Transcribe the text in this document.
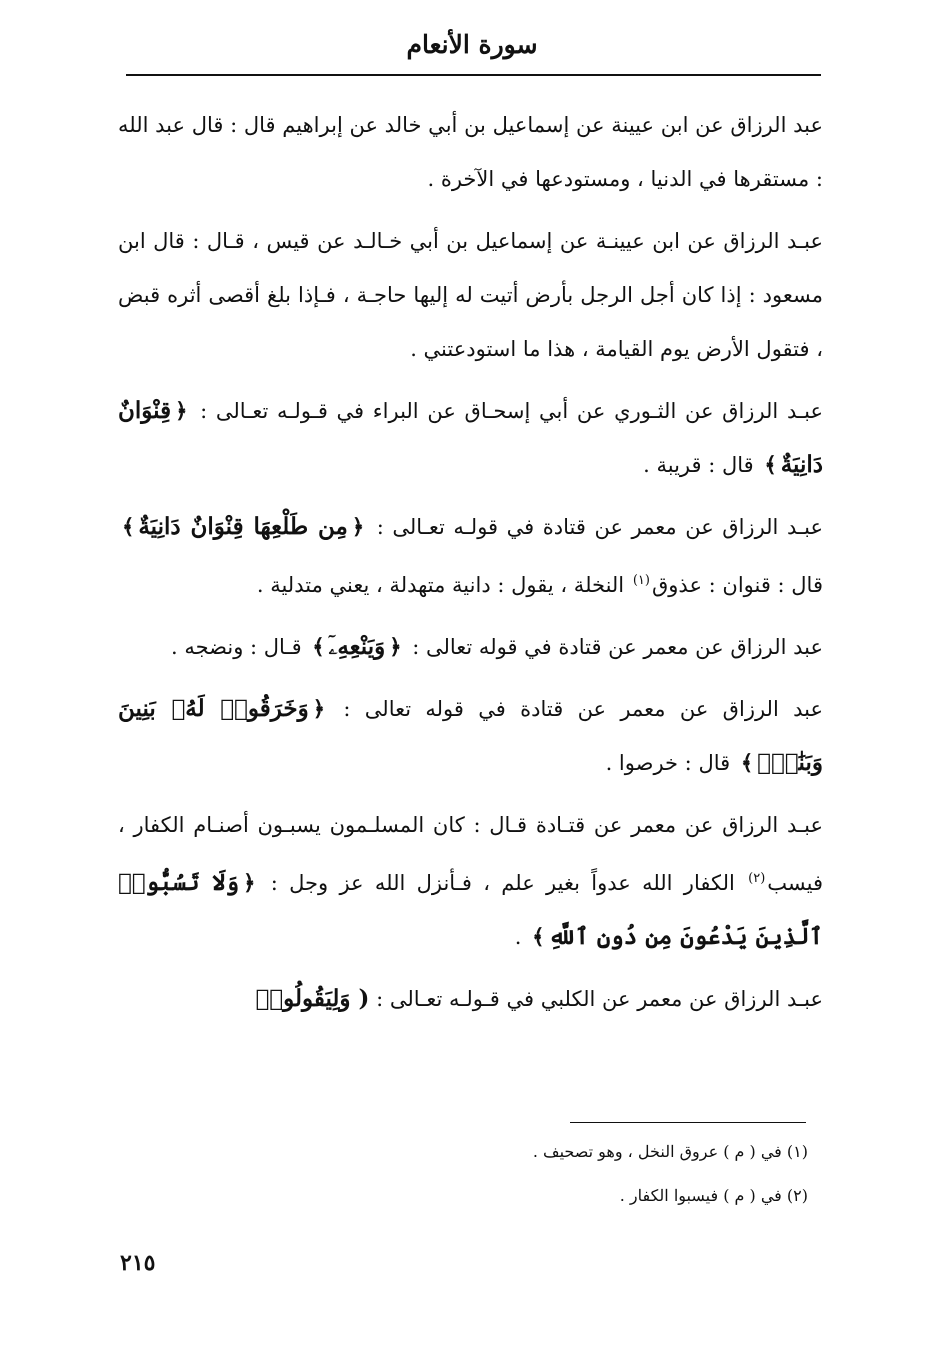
سورة الأنعام

عبد الرزاق عن ابن عيينة عن إسماعيل بن أبي خالد عن إبراهيم قال : قال عبد الله : مستقرها في الدنيا ، ومستودعها في الآخرة .

عبـد الرزاق عن ابن عيينـة عن إسماعيل بن أبي خـالـد عن قيس ، قـال : قال ابن مسعود : إذا كان أجل الرجل بأرض أتيت له إليها حاجـة ، فـإذا بلغ أقصى أثره قبض ، فتقول الأرض يوم القيامة ، هذا ما استودعتني .

عبـد الرزاق عن الثـوري عن أبي إسحـاق عن البراء في قـولـه تعـالى : ﴿قِنْوَانٌ دَانِيَةٌ﴾ قال : قريبة .

عبـد الرزاق عن معمر عن قتادة في قولـه تعـالى : ﴿مِن طَلْعِهَا قِنْوَانٌ دَانِيَةٌ﴾ قال : قنوان : عذوق$^{(١)}$ النخلة ، يقول : دانية متهدلة ، يعني متدلية .

عبد الرزاق عن معمر عن قتادة في قوله تعالى : ﴿وَيَنْعِهِۦٓ﴾ قـال : ونضجه .

عبد الرزاق عن معمر عن قتادة في قوله تعالى : ﴿وَخَرَقُوا۟ لَهُۥ بَنِينَ وَبَنَٰتٍۭ﴾ قال : خرصوا .

عبـد الرزاق عن معمر عن قتـادة قـال : كان المسلـمون يسبـون أصنـام الكفار ، فيسب$^{(٢)}$ الكفار الله عدواً بغير علم ، فـأنزل الله عز وجل : ﴿وَلَا تَسُبُّوا۟ ٱلَّذِينَ يَدْعُونَ مِن دُونِ ٱللَّهِ﴾ .

عبـد الرزاق عن معمر عن الكلبي في قـولـه تعـالى : ( وَلِيَقُولُوا۟

(١) في ( م ) عروق النخل ، وهو تصحيف .
(٢) في ( م ) فيسبوا الكفار .
٢١٥
